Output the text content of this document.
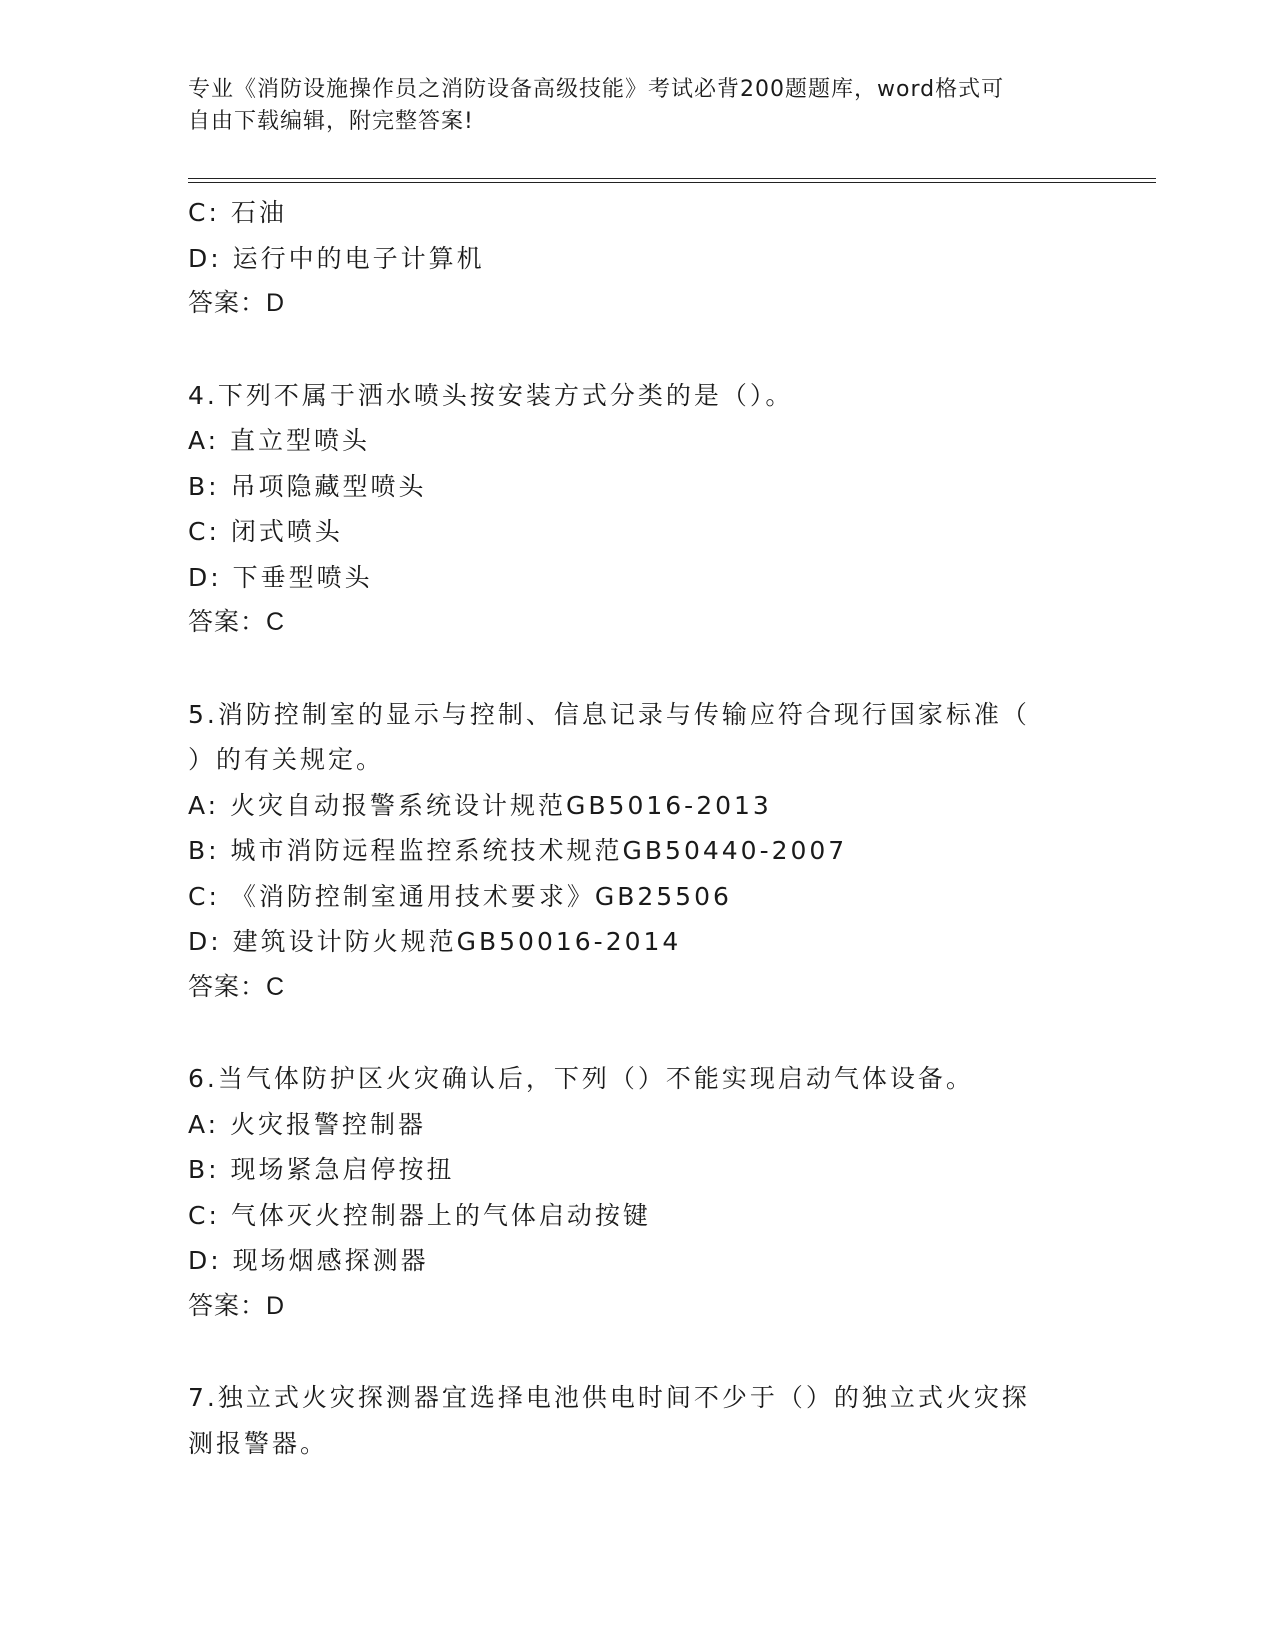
专业《消防设施操作员之消防设备高级技能》考试必背200题题库，word格式可
自由下载编辑，附完整答案!
C: 石油
D: 运行中的电子计算机
答案：D
4.下列不属于洒水喷头按安装方式分类的是（）。
A: 直立型喷头
B: 吊项隐藏型喷头
C: 闭式喷头
D: 下垂型喷头
答案：C
5.消防控制室的显示与控制、信息记录与传输应符合现行国家标准（
）的有关规定。
A: 火灾自动报警系统设计规范GB5016-2013
B: 城市消防远程监控系统技术规范GB50440-2007
C: 《消防控制室通用技术要求》GB25506
D: 建筑设计防火规范GB50016-2014
答案：C
6.当气体防护区火灾确认后，下列（）不能实现启动气体设备。
A: 火灾报警控制器
B: 现场紧急启停按扭
C: 气体灭火控制器上的气体启动按键
D: 现场烟感探测器
答案：D
7.独立式火灾探测器宜选择电池供电时间不少于（）的独立式火灾探
测报警器。
